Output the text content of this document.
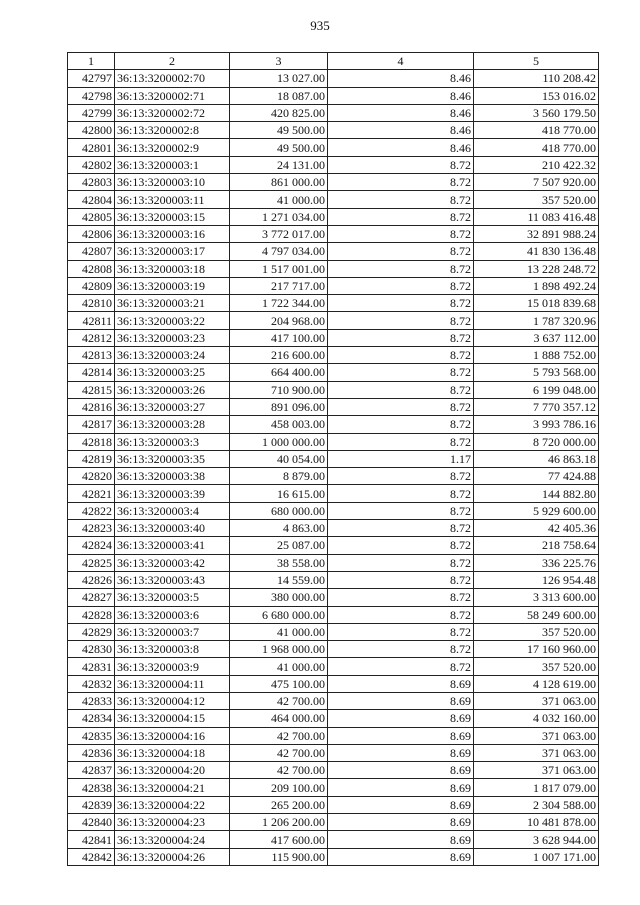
935
1	2	3	4	5
42797	36:13:3200002:70	13 027.00	8.46	110 208.42
42798	36:13:3200002:71	18 087.00	8.46	153 016.02
42799	36:13:3200002:72	420 825.00	8.46	3 560 179.50
42800	36:13:3200002:8	49 500.00	8.46	418 770.00
42801	36:13:3200002:9	49 500.00	8.46	418 770.00
42802	36:13:3200003:1	24 131.00	8.72	210 422.32
42803	36:13:3200003:10	861 000.00	8.72	7 507 920.00
42804	36:13:3200003:11	41 000.00	8.72	357 520.00
42805	36:13:3200003:15	1 271 034.00	8.72	11 083 416.48
42806	36:13:3200003:16	3 772 017.00	8.72	32 891 988.24
42807	36:13:3200003:17	4 797 034.00	8.72	41 830 136.48
42808	36:13:3200003:18	1 517 001.00	8.72	13 228 248.72
42809	36:13:3200003:19	217 717.00	8.72	1 898 492.24
42810	36:13:3200003:21	1 722 344.00	8.72	15 018 839.68
42811	36:13:3200003:22	204 968.00	8.72	1 787 320.96
42812	36:13:3200003:23	417 100.00	8.72	3 637 112.00
42813	36:13:3200003:24	216 600.00	8.72	1 888 752.00
42814	36:13:3200003:25	664 400.00	8.72	5 793 568.00
42815	36:13:3200003:26	710 900.00	8.72	6 199 048.00
42816	36:13:3200003:27	891 096.00	8.72	7 770 357.12
42817	36:13:3200003:28	458 003.00	8.72	3 993 786.16
42818	36:13:3200003:3	1 000 000.00	8.72	8 720 000.00
42819	36:13:3200003:35	40 054.00	1.17	46 863.18
42820	36:13:3200003:38	8 879.00	8.72	77 424.88
42821	36:13:3200003:39	16 615.00	8.72	144 882.80
42822	36:13:3200003:4	680 000.00	8.72	5 929 600.00
42823	36:13:3200003:40	4 863.00	8.72	42 405.36
42824	36:13:3200003:41	25 087.00	8.72	218 758.64
42825	36:13:3200003:42	38 558.00	8.72	336 225.76
42826	36:13:3200003:43	14 559.00	8.72	126 954.48
42827	36:13:3200003:5	380 000.00	8.72	3 313 600.00
42828	36:13:3200003:6	6 680 000.00	8.72	58 249 600.00
42829	36:13:3200003:7	41 000.00	8.72	357 520.00
42830	36:13:3200003:8	1 968 000.00	8.72	17 160 960.00
42831	36:13:3200003:9	41 000.00	8.72	357 520.00
42832	36:13:3200004:11	475 100.00	8.69	4 128 619.00
42833	36:13:3200004:12	42 700.00	8.69	371 063.00
42834	36:13:3200004:15	464 000.00	8.69	4 032 160.00
42835	36:13:3200004:16	42 700.00	8.69	371 063.00
42836	36:13:3200004:18	42 700.00	8.69	371 063.00
42837	36:13:3200004:20	42 700.00	8.69	371 063.00
42838	36:13:3200004:21	209 100.00	8.69	1 817 079.00
42839	36:13:3200004:22	265 200.00	8.69	2 304 588.00
42840	36:13:3200004:23	1 206 200.00	8.69	10 481 878.00
42841	36:13:3200004:24	417 600.00	8.69	3 628 944.00
42842	36:13:3200004:26	115 900.00	8.69	1 007 171.00
